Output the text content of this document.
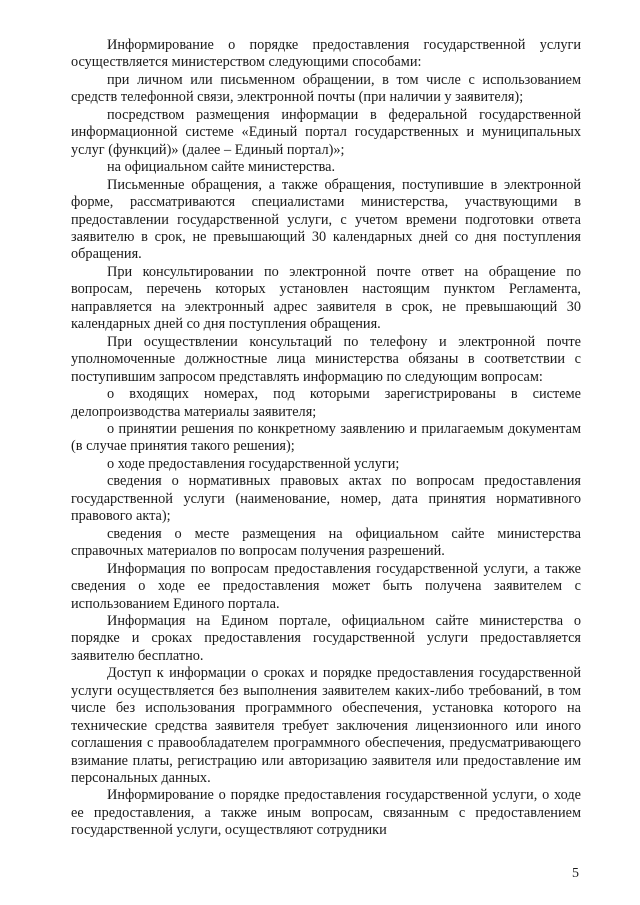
Информирование о порядке предоставления государственной услуги осуществляется министерством следующими способами:

при личном или письменном обращении, в том числе с использованием средств телефонной связи, электронной почты (при наличии у заявителя);

посредством размещения информации в федеральной государственной информационной системе «Единый портал государственных и муниципальных услуг (функций)» (далее – Единый портал)»;

на официальном сайте министерства.

Письменные обращения, а также обращения, поступившие в электронной форме, рассматриваются специалистами министерства, участвующими в предоставлении государственной услуги, с учетом времени подготовки ответа заявителю в срок, не превышающий 30 календарных дней со дня поступления обращения.

При консультировании по электронной почте ответ на обращение по вопросам, перечень которых установлен настоящим пунктом Регламента, направляется на электронный адрес заявителя в срок, не превышающий 30 календарных дней со дня поступления обращения.

При осуществлении консультаций по телефону и электронной почте уполномоченные должностные лица министерства обязаны в соответствии с поступившим запросом представлять информацию по следующим вопросам:

о входящих номерах, под которыми зарегистрированы в системе делопроизводства материалы заявителя;

о принятии решения по конкретному заявлению и прилагаемым документам (в случае принятия такого решения);

о ходе предоставления государственной услуги;

сведения о нормативных правовых актах по вопросам предоставления государственной услуги (наименование, номер, дата принятия нормативного правового акта);

сведения о месте размещения на официальном сайте министерства справочных материалов по вопросам получения разрешений.

Информация по вопросам предоставления государственной услуги, а также сведения о ходе ее предоставления может быть получена заявителем с использованием Единого портала.

Информация на Едином портале, официальном сайте министерства о порядке и сроках предоставления государственной услуги предоставляется заявителю бесплатно.

Доступ к информации о сроках и порядке предоставления государственной услуги осуществляется без выполнения заявителем каких-либо требований, в том числе без использования программного обеспечения, установка которого на технические средства заявителя требует заключения лицензионного или иного соглашения с правообладателем программного обеспечения, предусматривающего взимание платы, регистрацию или авторизацию заявителя или предоставление им персональных данных.

Информирование о порядке предоставления государственной услуги, о ходе ее предоставления, а также иным вопросам, связанным с предоставлением государственной услуги, осуществляют сотрудники

5
